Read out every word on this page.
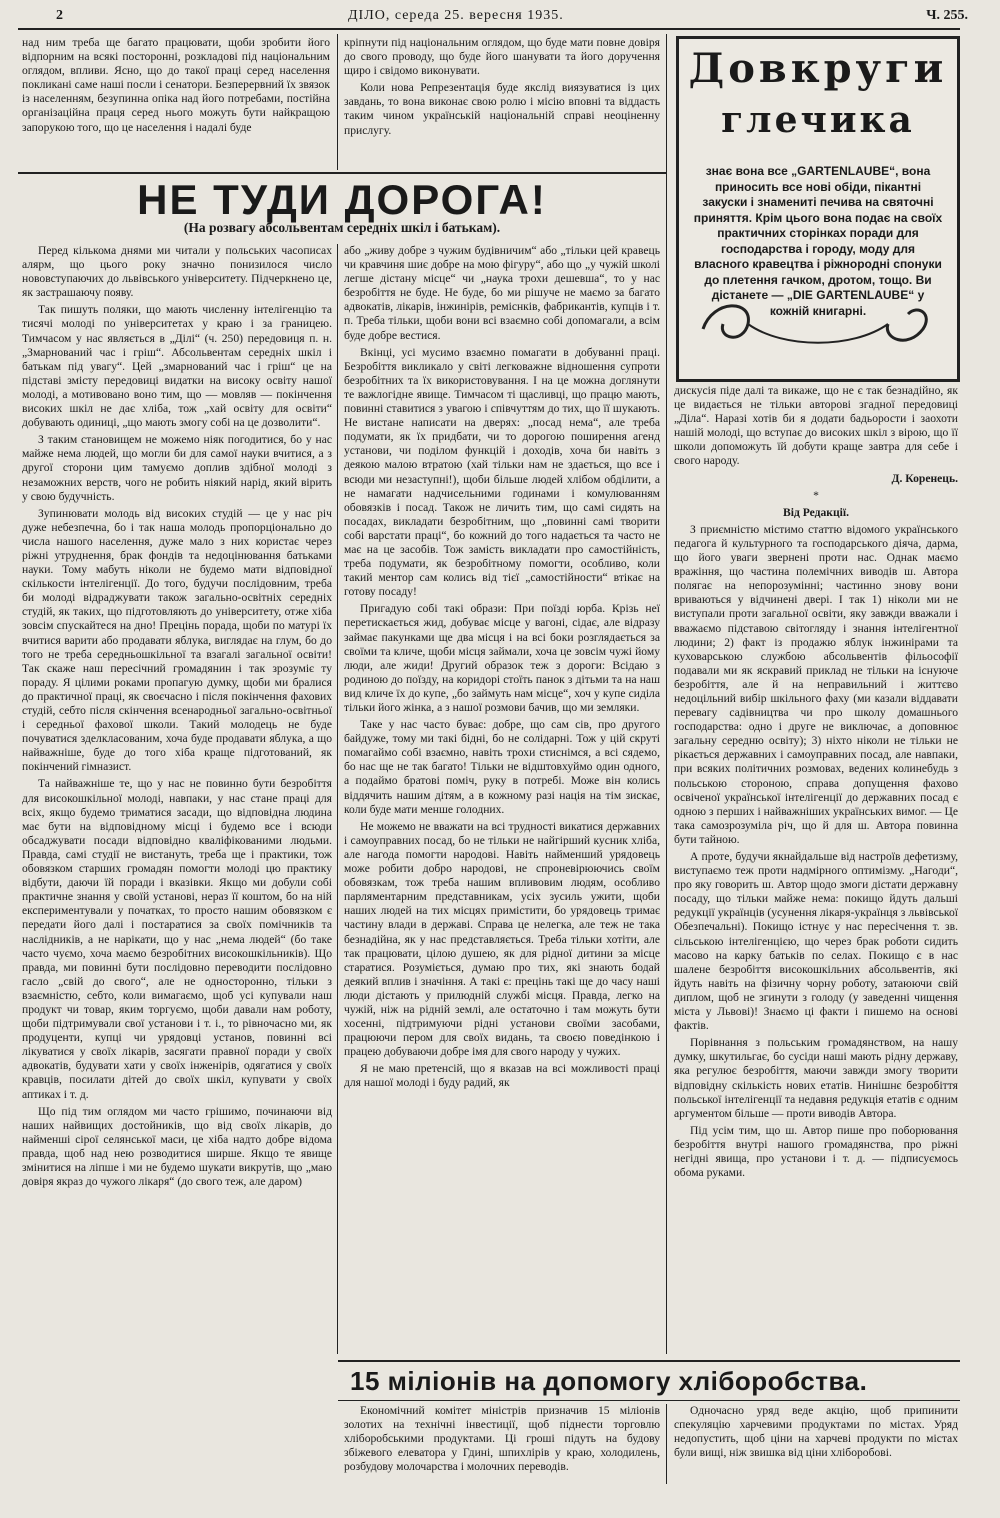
2	ДІЛО, середа 25. вересня 1935.	Ч. 255.

над ним треба ще багато працювати, щоби зробити його відпорним на всякі посторонні, розкладові під національним оглядом, впливи. Ясно, що до такої праці серед населення покликані саме наші посли і сенатори. Безперервний їх звязок із населенням, безупинна опіка над його потребами, постійна організаційна праця серед нього можуть бути найкращою запорукою того, що це населення і надалі буде

кріпнути під національним оглядом, що буде мати повне довіря до свого проводу, що буде його шанувати та його доручення щиро і свідомо виконувати.

Коли нова Репрезентація буде якслід виязуватися із цих завдань, то вона виконає свою ролю і місію вповні та віддасть таким чином українській національній справі неоціненну прислугу.

Довкруги
глечика
знає вона все „GARTENLAUBE“, вона приносить все нові обіди, пікантні закуски і знамениті печива на святочні приняття. Крім цього вона подає на своїх практичних сторінках поради для господарства і городу, моду для власного кравецтва і ріжнородні спонуки до плетення гачком, дротом, тощо. Ви дістанете — „DIE GARTENLAUBE“ у кожній книгарні.
НЕ ТУДИ ДОРОГА!
(На розвагу абсольвентам середніх шкіл і батькам).

Перед кількома днями ми читали у польських часописах алярм, що цього року значно понизилося число нововступаючих до львівського університету. Підчеркнено це, як застрашаючу появу.

Так пишуть поляки, що мають численну інтелігенцію та тисячі молоді по університетах у краю і за границею. Тимчасом у нас являється в „Ділі“ (ч. 250) передовиця п. н. „Змарнований час і гріш“. Абсольвентам середніх шкіл і батькам під увагу“. Цей „змарнований час і гріш“ це на підставі змісту передовиці видатки на високу освіту нашої молоді, а мотивовано воно тим, що — мовляв — покінчення високих шкіл не дає хліба, тож „хай освіту для освіти“ добувають одиниці, „що мають змогу собі на це дозволити“.

З таким становищем не можемо ніяк погодитися, бо у нас майже нема людей, що могли би для самої науки вчитися, а з другої сторони цим тамуємо доплив здібної молоді з незаможних верств, чого не робить ніякий нарід, який вірить у свою будучність.

Зупинювати молодь від високих студій — це у нас річ дуже небезпечна, бо і так наша молодь пропорціонально до числа нашого населення, дуже мало з них користає через ріжні утруднення, брак фондів та недоцінювання батьками науки. Тому мабуть ніколи не будемо мати відповідної скількости інтелігенції. До того, будучи послідовним, треба би молоді відраджувати також загально-освітніх середніх студій, як таких, що підготовляють до університету, отже хіба зовсім спускайтеся на дно! Прецінь порада, щоби по матурі їх вчитися варити або продавати яблука, виглядає на глум, бо до того не треба середньошкільної та взагалі загальної освіти! Так скаже наш пересічний громадянин і так зрозуміє ту пораду. Я цілими роками пропагую думку, щоби ми бралися до практичної праці, як своєчасно і після покінчення фахових студій, себто після скінчення всенародньої загально-освітньої і середньої фахової школи. Такий молодець не буде почуватися зделкласованим, хоча буде продавати яблука, а що найважніше, буде до того хіба краще підготований, як покінчений гімназист.

Та найважніше те, що у нас не повинно бути безробіття для високошкільної молоді, навпаки, у нас стане праці для всіх, якщо будемо триматися засади, що відповідна людина має бути на відповідному місці і будемо все і всюди обсаджувати посади відповідно кваліфікованими людьми. Правда, самі студії не вистануть, треба ще і практики, тож обовязком старших громадян помогти молоді цю практику відбути, даючи їй поради і вказівки. Якщо ми добули собі практичне знання у своїй установі, нераз її коштом, бо на ній експериментували у початках, то просто нашим обовязком є передати його далі і постаратися за своїх помічників та наслідників, а не нарікати, що у нас „нема людей“ (бо таке часто чуємо, хоча маємо безробітних високошкільників). Що правда, ми повинні бути послідовно переводити послідовно гасло „свій до свого“, але не односторонно, тільки з взаємністю, себто, коли вимагаємо, щоб усі купували наш продукт чи товар, яким торгуємо, щоби давали нам роботу, щоби підтримували свої установи і т. і., то рівночасно ми, як продуценти, купці чи урядовці установ, повинні всі лікуватися у своїх лікарів, засягати правної поради у своїх адвокатів, будувати хати у своїх інженірів, одягатися у своїх кравців, посилати дітей до своїх шкіл, купувати у своїх аптиках і т. д.

Що під тим оглядом ми часто грішимо, починаючи від наших найвищих достойників, що від своїх лікарів, до найменші сірої селянської маси, це хіба надто добре відома правда, щоб над нею розводитися ширше. Якщо те явище змінитися на ліпше і ми не будемо шукати викрутів, що „маю довіря якраз до чужого лікаря“ (до свого теж, але даром)

або „живу добре з чужим будівничим“ або „тільки цей кравець чи кравчиня шиє добре на мою фігуру“, або що „у чужій школі легше дістану місце“ чи „наука трохи дешевша“, то у нас безробіття не буде. Не буде, бо ми рішуче не маємо за багато адвокатів, лікарів, інжинірів, реміснків, фабрикантів, купців і т. п. Треба тільки, щоби вони всі взаємно собі допомагали, а всім буде добре вестися.

Вкінці, усі мусимо взаємно помагати в добуванні праці. Безробіття викликало у світі легковажне відношення супроти безробітних та їх використовування. І на це можна доглянути те важлогідне явище. Тимчасом ті щасливці, що працю мають, повинні ставитися з увагою і співчуттям до тих, що її шукають. Не вистане написати на дверях: „посад нема“, але треба подумати, як їх придбати, чи то дорогою поширення агенд установи, чи поділом функцій і доходів, хоча би навіть з деякою малою втратою (хай тільки нам не здається, що все і всюди ми незаступні!), щоби більше людей хлібом обділити, а не намагати надчисельними годинами і комулюванням обовязків і посад. Також не личить тим, що самі сидять на посадах, викладати безробітним, що „повинні самі творити собі варстати праці“, бо кожний до того надається та часто не має на це засобів. Тож замість викладати про самостійність, треба подумати, як безробітному помогти, особливо, коли такий ментор сам колись від тієї „самостійности“ втікає на готову посаду!

Пригадую собі такі образи: При поїзді юрба. Крізь неї перетискається жид, добуває місце у вагоні, сідає, але відразу займає пакунками ще два місця і на всі боки розглядається за своїми та кличе, щоби місця займали, хоча це зовсім чужі йому люди, але жиди! Другий образок теж з дороги: Всідаю з родиною до поїзду, на коридорі стоїть панок з дітьми та на наш вид кличе їх до купе, „бо займуть нам місце“, хоч у купе сиділа тільки його жінка, а з нашої розмови бачив, що ми земляки.

Таке у нас часто буває: добре, що сам сів, про другого байдуже, тому ми такі бідні, бо не солідарні. Тож у цій скруті помагаймо собі взаємно, навіть трохи стиснімся, а всі сядемо, бо нас ще не так багато! Тільки не відштовхуймо один одного, а подаймо братові поміч, руку в потребі. Може він колись віддячить нашим дітям, а в кожному разі нація на тім зискає, коли буде мати менше голодних.

Не можемо не вважати на всі трудності викатися державних і самоуправних посад, бо не тільки не найгірший кусник хліба, але нагода помогти народові. Навіть найменший урядовець може робити добро народові, не спроневірюючись своїм обовязкам, тож треба нашим впливовим людям, особливо парляментарним представникам, усіх зусиль ужити, щоби наших людей на тих місцях примістити, бо урядовець тримає частину влади в державі. Справа це нелегка, але теж не така безнадійна, як у нас представляється. Треба тільки хотіти, але так працювати, цілою душею, як для рідної дитини за місце старатися. Розуміється, думаю про тих, які знають бодай деякий вплив і значіння. А такі є: прецінь такі ще до часу наші люди дістають у прилюдній службі місця. Правда, легко на чужій, ніж на рідній землі, але остаточно і там можуть бути хосенні, підтримуючи рідні установи своїми засобами, працюючи пером для своїх видань, та своєю поведінкою і працею добуваючи добре імя для свого народу у чужих.

Я не маю претенсій, що я вказав на всі можливості праці для нашої молоді і буду радий, як

дискусія піде далі та викаже, що не є так безнадійно, як це видається не тільки авторові згадної передовиці „Діла“. Наразі хотів би я додати бадьорости і заохоти нашій молоді, що вступає до високих шкіл з вірою, що її школи допоможуть їй добути краще завтра для себе і свого народу.

Д. Коренець.

*

Від Редакції.

З приємністю містимо статтю відомого українського педагога й культурного та господарського діяча, дарма, що його уваги звернені проти нас. Однак маємо вражіння, що частина полемічних виводів ш. Автора полягає на непорозумінні; частинно знову вони вриваються у відчинені двері. І так 1) ніколи ми не виступали проти загальної освіти, яку завжди вважали і вважаємо підставою світогляду і знання інтелігентної людини; 2) факт із продажю яблук інжинірами та куховарською службою абсольвентів фільософії подавали ми як яскравий приклад не тільки на існуюче безробіття, але й на неправильний і життєво недоцільний вибір шкільного фаху (ми казали віддавати перевагу садівництва чи про школу домашнього господарства: одно і друге не виключає, а доповнює загальну середню освіту); 3) ніхто ніколи не тільки не рікається державних і самоуправних посад, але навпаки, при всяких політичних розмовах, ведених колинебудь з польською стороною, справа допущення фахово освіченої української інтелігенції до державних посад є одною з перших і найважніших українських вимог. — Це така самозрозуміла річ, що й для ш. Автора повинна бути тайною.

А проте, будучи якнайдальше від настроїв дефетизму, виступаємо теж проти надмірного оптимізму. „Нагоди“, про яку говорить ш. Автор щодо змоги дістати державну посаду, що тільки майже нема: покищо йдуть дальші редукції українців (усунення лікаря-українця з львівської Обезпечальні). Покищо істнує у нас пересічення т. зв. сільською інтелігенцією, що через брак роботи сидить масово на карку батьків по селах. Покищо є в нас шалене безробіття високошкільних абсольвентів, які йдуть навіть на фізичну чорну роботу, затаюючи свій диплом, щоб не згинути з голоду (у заведенні чищення міста у Львові)! Знаємо ці факти і пишемо на основі фактів.

Порівнання з польським громадянством, на нашу думку, шкутильгає, бо сусіди наші мають рідну державу, яка регулює безробіття, маючи завжди змогу творити відповідну скількість нових етатів. Нинішнє безробіття польської інтелігенції та недавня редукція етатів є одним аргументом більше — проти виводів Автора.

Під усім тим, що ш. Автор пише про поборювання безробіття внутрі нашого громадянства, про ріжні негідні явища, про установи і т. д. — підписуємось обома руками.

15 міліонів на допомогу хліборобства.

Економічний комітет міністрів призначив 15 міліонів золотих на технічні інвестиції, щоб піднести торговлю хліборобськими продуктами. Ці гроші підуть на будову збіжевого елеватора у Гдині, шпихлірів у краю, холодилень, розбудову молочарства і молочних переводів.

Одночасно уряд веде акцію, щоб припинити спекуляцію харчевими продуктами по містах. Уряд недопустить, щоб ціни на харчеві продукти по містах були вищі, ніж звишка від ціни хліборобові.
